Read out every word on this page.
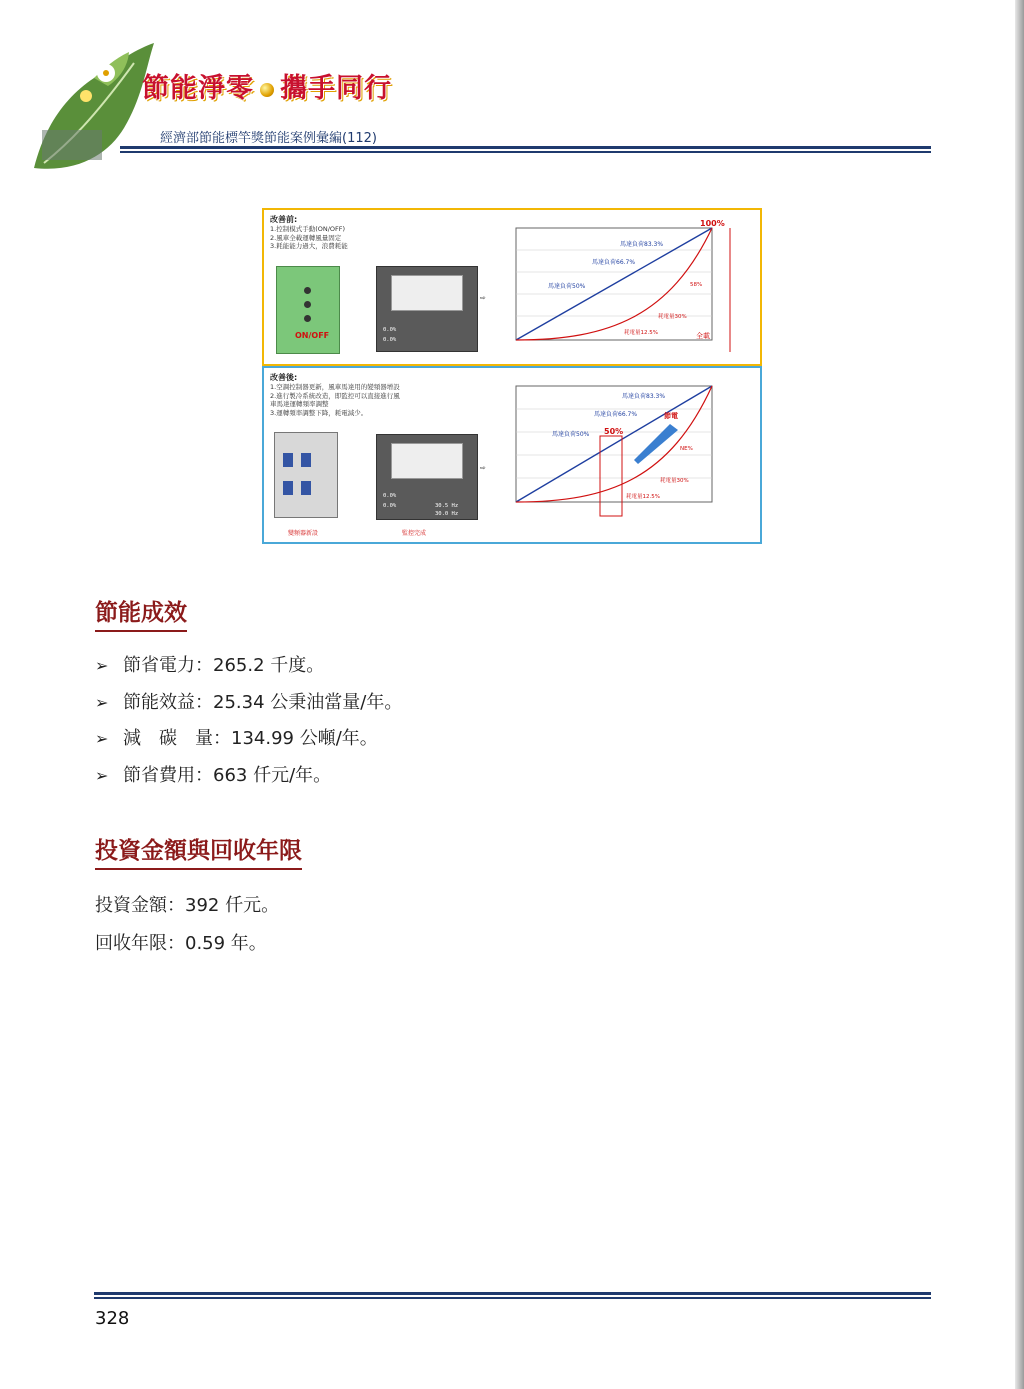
節能淨零 攜手同行
經濟部節能標竿獎節能案例彙編(112)
改善前:
1.控制模式手動(ON/OFF)
2.風車全載運轉風量固定
3.耗能能力過大，浪費耗能
ON/OFF
0.0%
0.0%
⇨
100%
馬達負荷83.3%
馬達負荷66.7%
馬達負荷50%	58%
耗電量30%
耗電量12.5%	全載
改善後:
1.空調控制器更新，風車馬達用的變頻器增設
2.進行製冷系統改造，即監控可以直接進行風
車馬達運轉頻率調整
3.運轉頻率調整下降，耗電減少。
變頻器新設
0.0%
0.0%	30.5 Hz
30.0 Hz
⇨
監控完成
馬達負荷83.3%
馬達負荷66.7%
馬達負荷50% 50%
節電
NE%
耗電量30%
耗電量12.5%
節能成效
➢ 節省電力：265.2 千度。
➢ 節能效益：25.34 公秉油當量/年。
➢ 減　碳　量：134.99 公噸/年。
➢ 節省費用：663 仟元/年。
投資金額與回收年限
投資金額：392 仟元。
回收年限：0.59 年。
328
